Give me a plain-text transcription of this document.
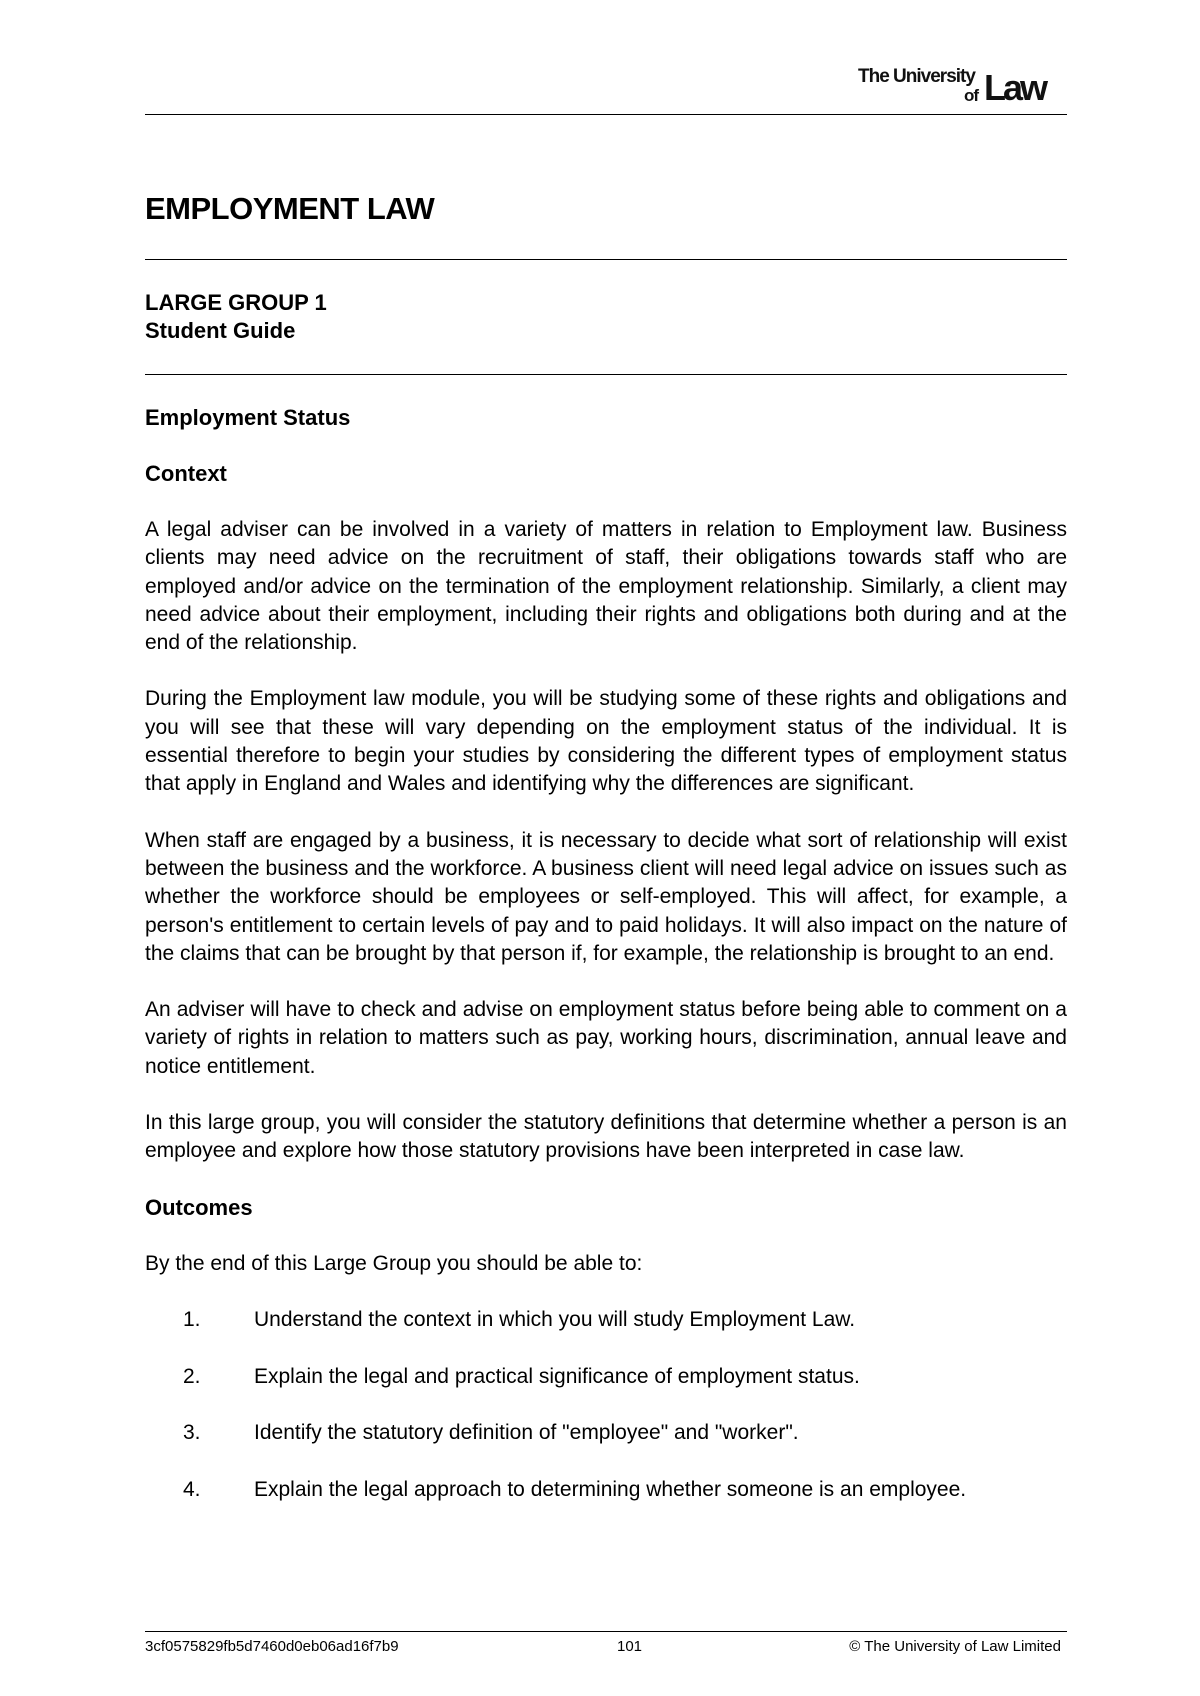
The University
of Law
EMPLOYMENT LAW
LARGE GROUP 1
Student Guide
Employment Status
Context

A legal adviser can be involved in a variety of matters in relation to Employment law. Business clients may need advice on the recruitment of staff, their obligations towards staff who are employed and/or advice on the termination of the employment relationship. Similarly, a client may need advice about their employment, including their rights and obligations both during and at the end of the relationship.

During the Employment law module, you will be studying some of these rights and obligations and you will see that these will vary depending on the employment status of the individual. It is essential therefore to begin your studies by considering the different types of employment status that apply in England and Wales and identifying why the differences are significant.

When staff are engaged by a business, it is necessary to decide what sort of relationship will exist between the business and the workforce. A business client will need legal advice on issues such as whether the workforce should be employees or self-employed. This will affect, for example, a person's entitlement to certain levels of pay and to paid holidays. It will also impact on the nature of the claims that can be brought by that person if, for example, the relationship is brought to an end.

An adviser will have to check and advise on employment status before being able to comment on a variety of rights in relation to matters such as pay, working hours, discrimination, annual leave and notice entitlement.

In this large group, you will consider the statutory definitions that determine whether a person is an employee and explore how those statutory provisions have been interpreted in case law.

Outcomes

By the end of this Large Group you should be able to:

1.	Understand the context in which you will study Employment Law.
2.	Explain the legal and practical significance of employment status.
3.	Identify the statutory definition of "employee" and "worker".
4.	Explain the legal approach to determining whether someone is an employee.
3cf0575829fb5d7460d0eb06ad16f7b9	101	© The University of Law Limited
